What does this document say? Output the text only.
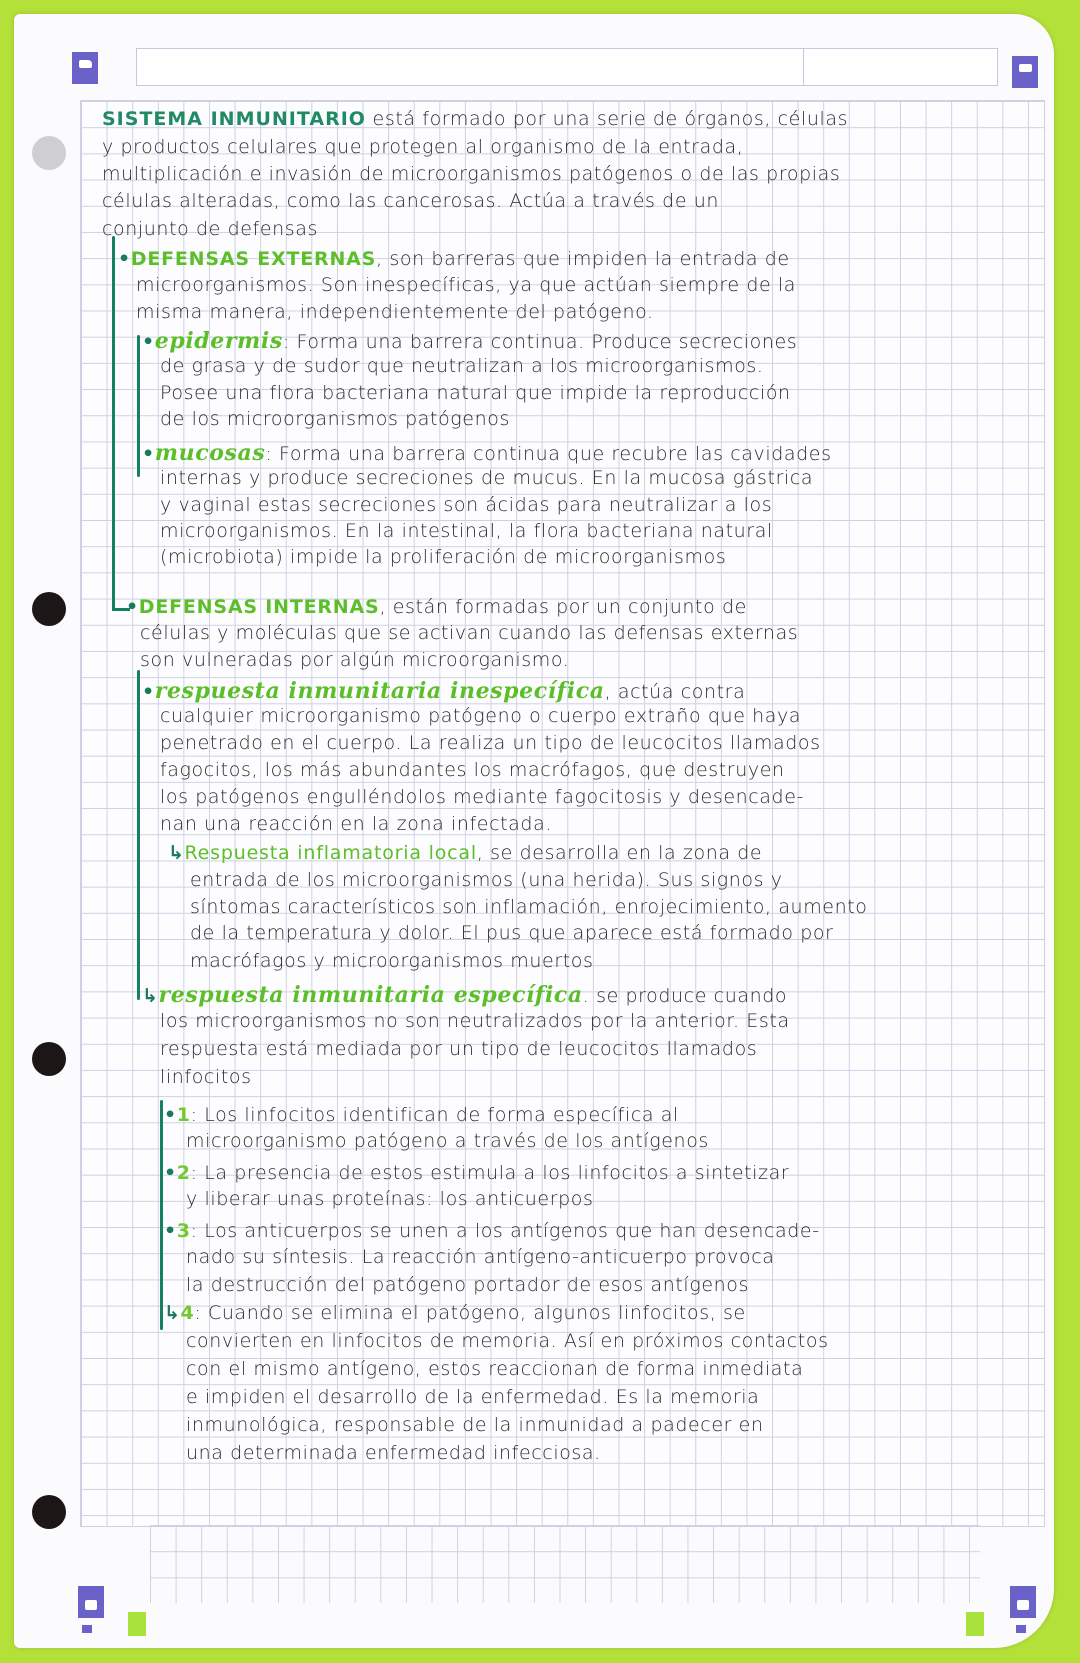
SISTEMA INMUNITARIO está formado por una serie de órganos, células
y productos celulares que protegen al organismo de la entrada,
multiplicación e invasión de microorganismos patógenos o de las propias
células alteradas, como las cancerosas. Actúa a través de un
conjunto de defensas
•DEFENSAS EXTERNAS, son barreras que impiden la entrada de
microorganismos. Son inespecíficas, ya que actúan siempre de la
misma manera, independientemente del patógeno.
•epidermis: Forma una barrera continua. Produce secreciones
de grasa y de sudor que neutralizan a los microorganismos.
Posee una flora bacteriana natural que impide la reproducción
de los microorganismos patógenos
•mucosas: Forma una barrera continua que recubre las cavidades
internas y produce secreciones de mucus. En la mucosa gástrica
y vaginal estas secreciones son ácidas para neutralizar a los
microorganismos. En la intestinal, la flora bacteriana natural
(microbiota) impide la proliferación de microorganismos
•DEFENSAS INTERNAS, están formadas por un conjunto de
células y moléculas que se activan cuando las defensas externas
son vulneradas por algún microorganismo.
•respuesta inmunitaria inespecífica, actúa contra
cualquier microorganismo patógeno o cuerpo extraño que haya
penetrado en el cuerpo. La realiza un tipo de leucocitos llamados
fagocitos, los más abundantes los macrófagos, que destruyen
los patógenos engulléndolos mediante fagocitosis y desencade-
nan una reacción en la zona infectada.
↳Respuesta inflamatoria local, se desarrolla en la zona de
entrada de los microorganismos (una herida). Sus signos y
síntomas característicos son inflamación, enrojecimiento, aumento
de la temperatura y dolor. El pus que aparece está formado por
macrófagos y microorganismos muertos
↳respuesta inmunitaria específica. se produce cuando
los microorganismos no son neutralizados por la anterior. Esta
respuesta está mediada por un tipo de leucocitos llamados
linfocitos
•1: Los linfocitos identifican de forma específica al
microorganismo patógeno a través de los antígenos
•2: La presencia de estos estimula a los linfocitos a sintetizar
y liberar unas proteínas: los anticuerpos
•3: Los anticuerpos se unen a los antígenos que han desencade-
nado su síntesis. La reacción antígeno-anticuerpo provoca
la destrucción del patógeno portador de esos antígenos
↳4: Cuando se elimina el patógeno, algunos linfocitos, se
convierten en linfocitos de memoria. Así en próximos contactos
con el mismo antígeno, estos reaccionan de forma inmediata
e impiden el desarrollo de la enfermedad. Es la memoria
inmunológica, responsable de la inmunidad a padecer en
una determinada enfermedad infecciosa.
